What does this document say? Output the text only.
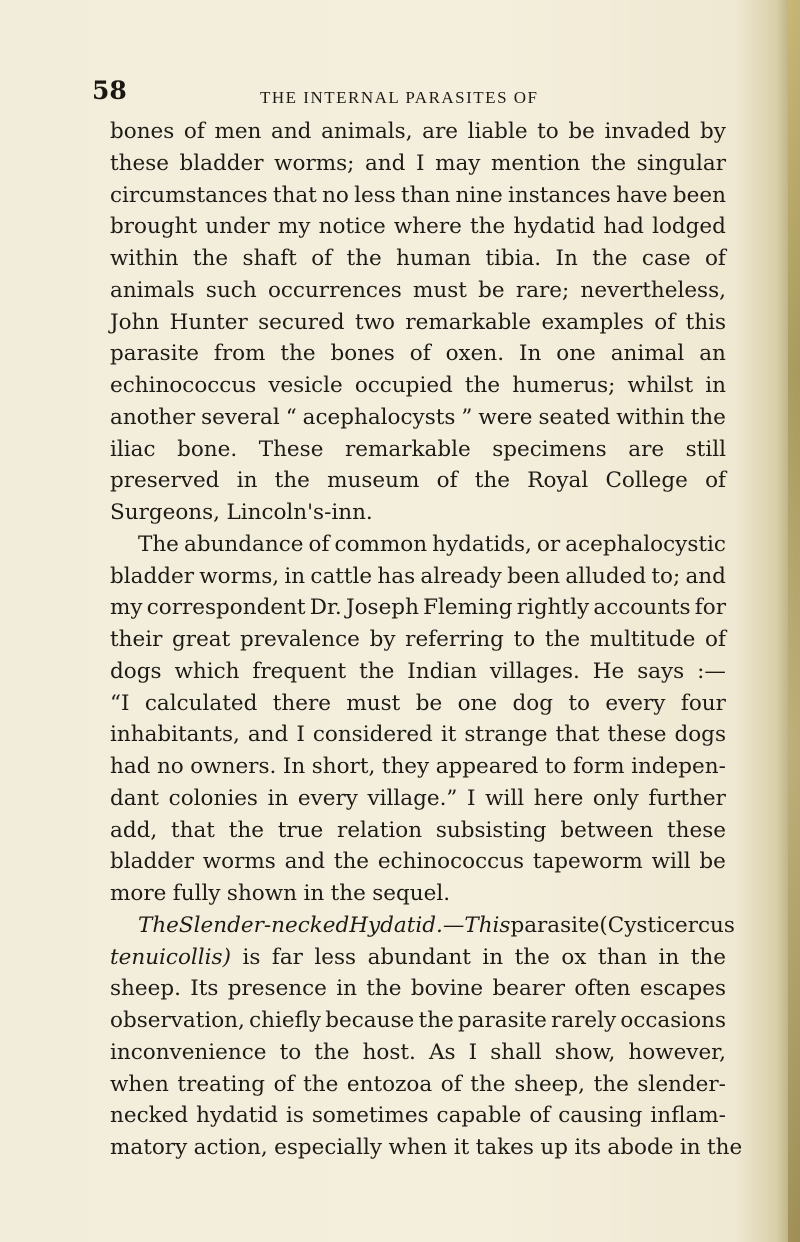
58	THE INTERNAL PARASITES OF
bones of men and animals, are liable to be invaded by
these bladder worms; and I may mention the singular
circumstances that no less than nine instances have been
brought under my notice where the hydatid had lodged
within the shaft of the human tibia. In the case of
animals such occurrences must be rare; nevertheless,
John Hunter secured two remarkable examples of this
parasite from the bones of oxen. In one animal an
echinococcus vesicle occupied the humerus; whilst in
another several “ acephalocysts ” were seated within the
iliac bone. These remarkable specimens are still
preserved in the museum of the Royal College of
Surgeons, Lincoln's-inn.
The abundance of common hydatids, or acephalocystic
bladder worms, in cattle has already been alluded to; and
my correspondent Dr. Joseph Fleming rightly accounts for
their great prevalence by referring to the multitude of
dogs which frequent the Indian villages. He says :—
“I calculated there must be one dog to every four
inhabitants, and I considered it strange that these dogs
had no owners. In short, they appeared to form indepen-
dant colonies in every village.” I will here only further
add, that the true relation subsisting between these
bladder worms and the echinococcus tapeworm will be
more fully shown in the sequel.
The Slender-necked Hydatid.—This parasite (Cysticercus
tenuicollis) is far less abundant in the ox than in the
sheep. Its presence in the bovine bearer often escapes
observation, chiefly because the parasite rarely occasions
inconvenience to the host. As I shall show, however,
when treating of the entozoa of the sheep, the slender-
necked hydatid is sometimes capable of causing inflam-
matory action, especially when it takes up its abode in the
